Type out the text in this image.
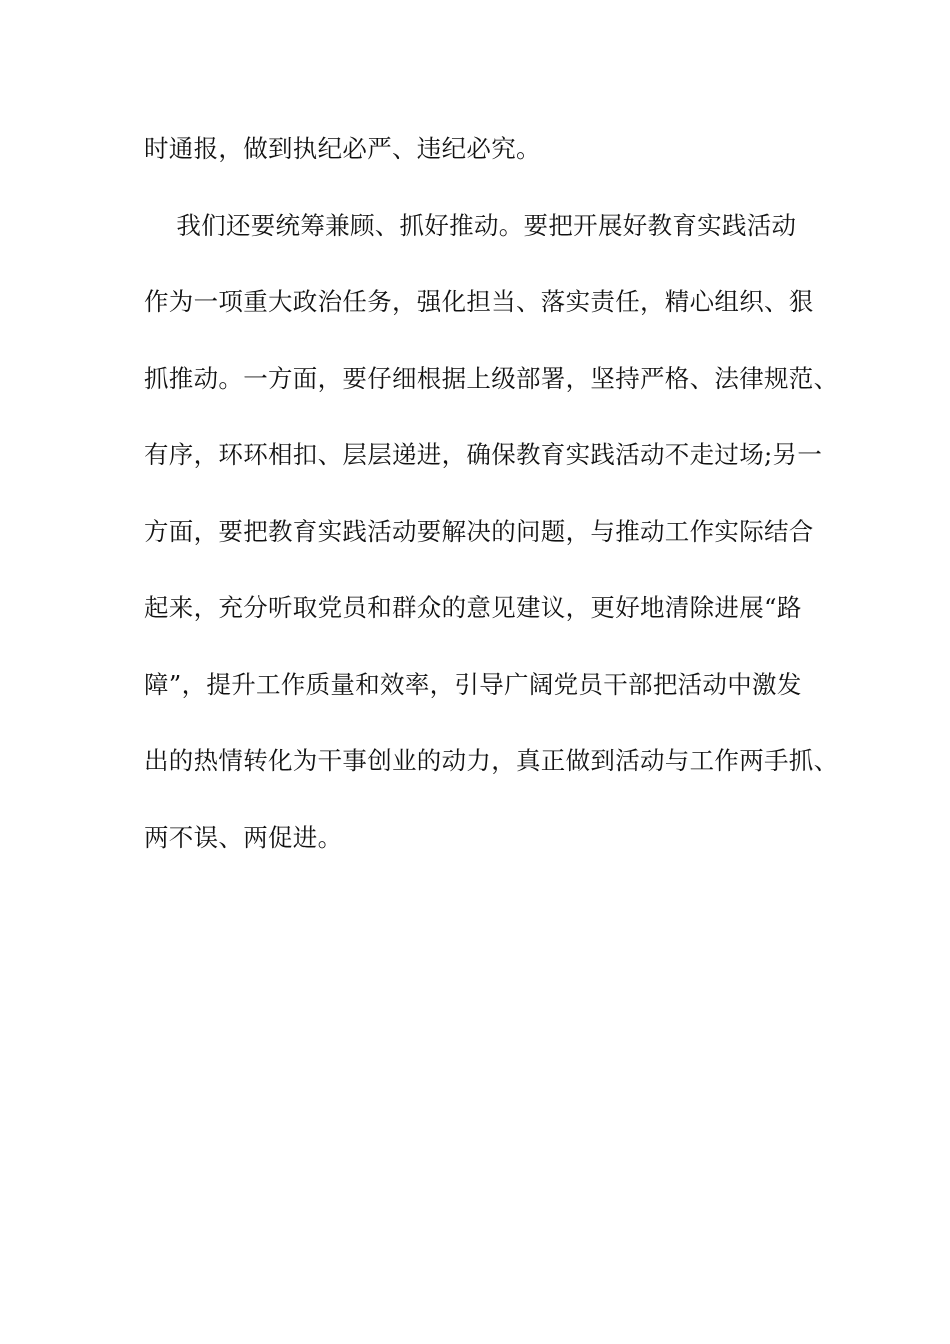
时通报，做到执纪必严、违纪必究。
我们还要统筹兼顾、抓好推动。要把开展好教育实践活动
作为一项重大政治任务，强化担当、落实责任，精心组织、狠
抓推动。一方面，要仔细根据上级部署，坚持严格、法律规范、
有序，环环相扣、层层递进，确保教育实践活动不走过场;另一
方面，要把教育实践活动要解决的问题，与推动工作实际结合
起来，充分听取党员和群众的意见建议，更好地清除进展“路
障”，提升工作质量和效率，引导广阔党员干部把活动中激发
出的热情转化为干事创业的动力，真正做到活动与工作两手抓、
两不误、两促进。
